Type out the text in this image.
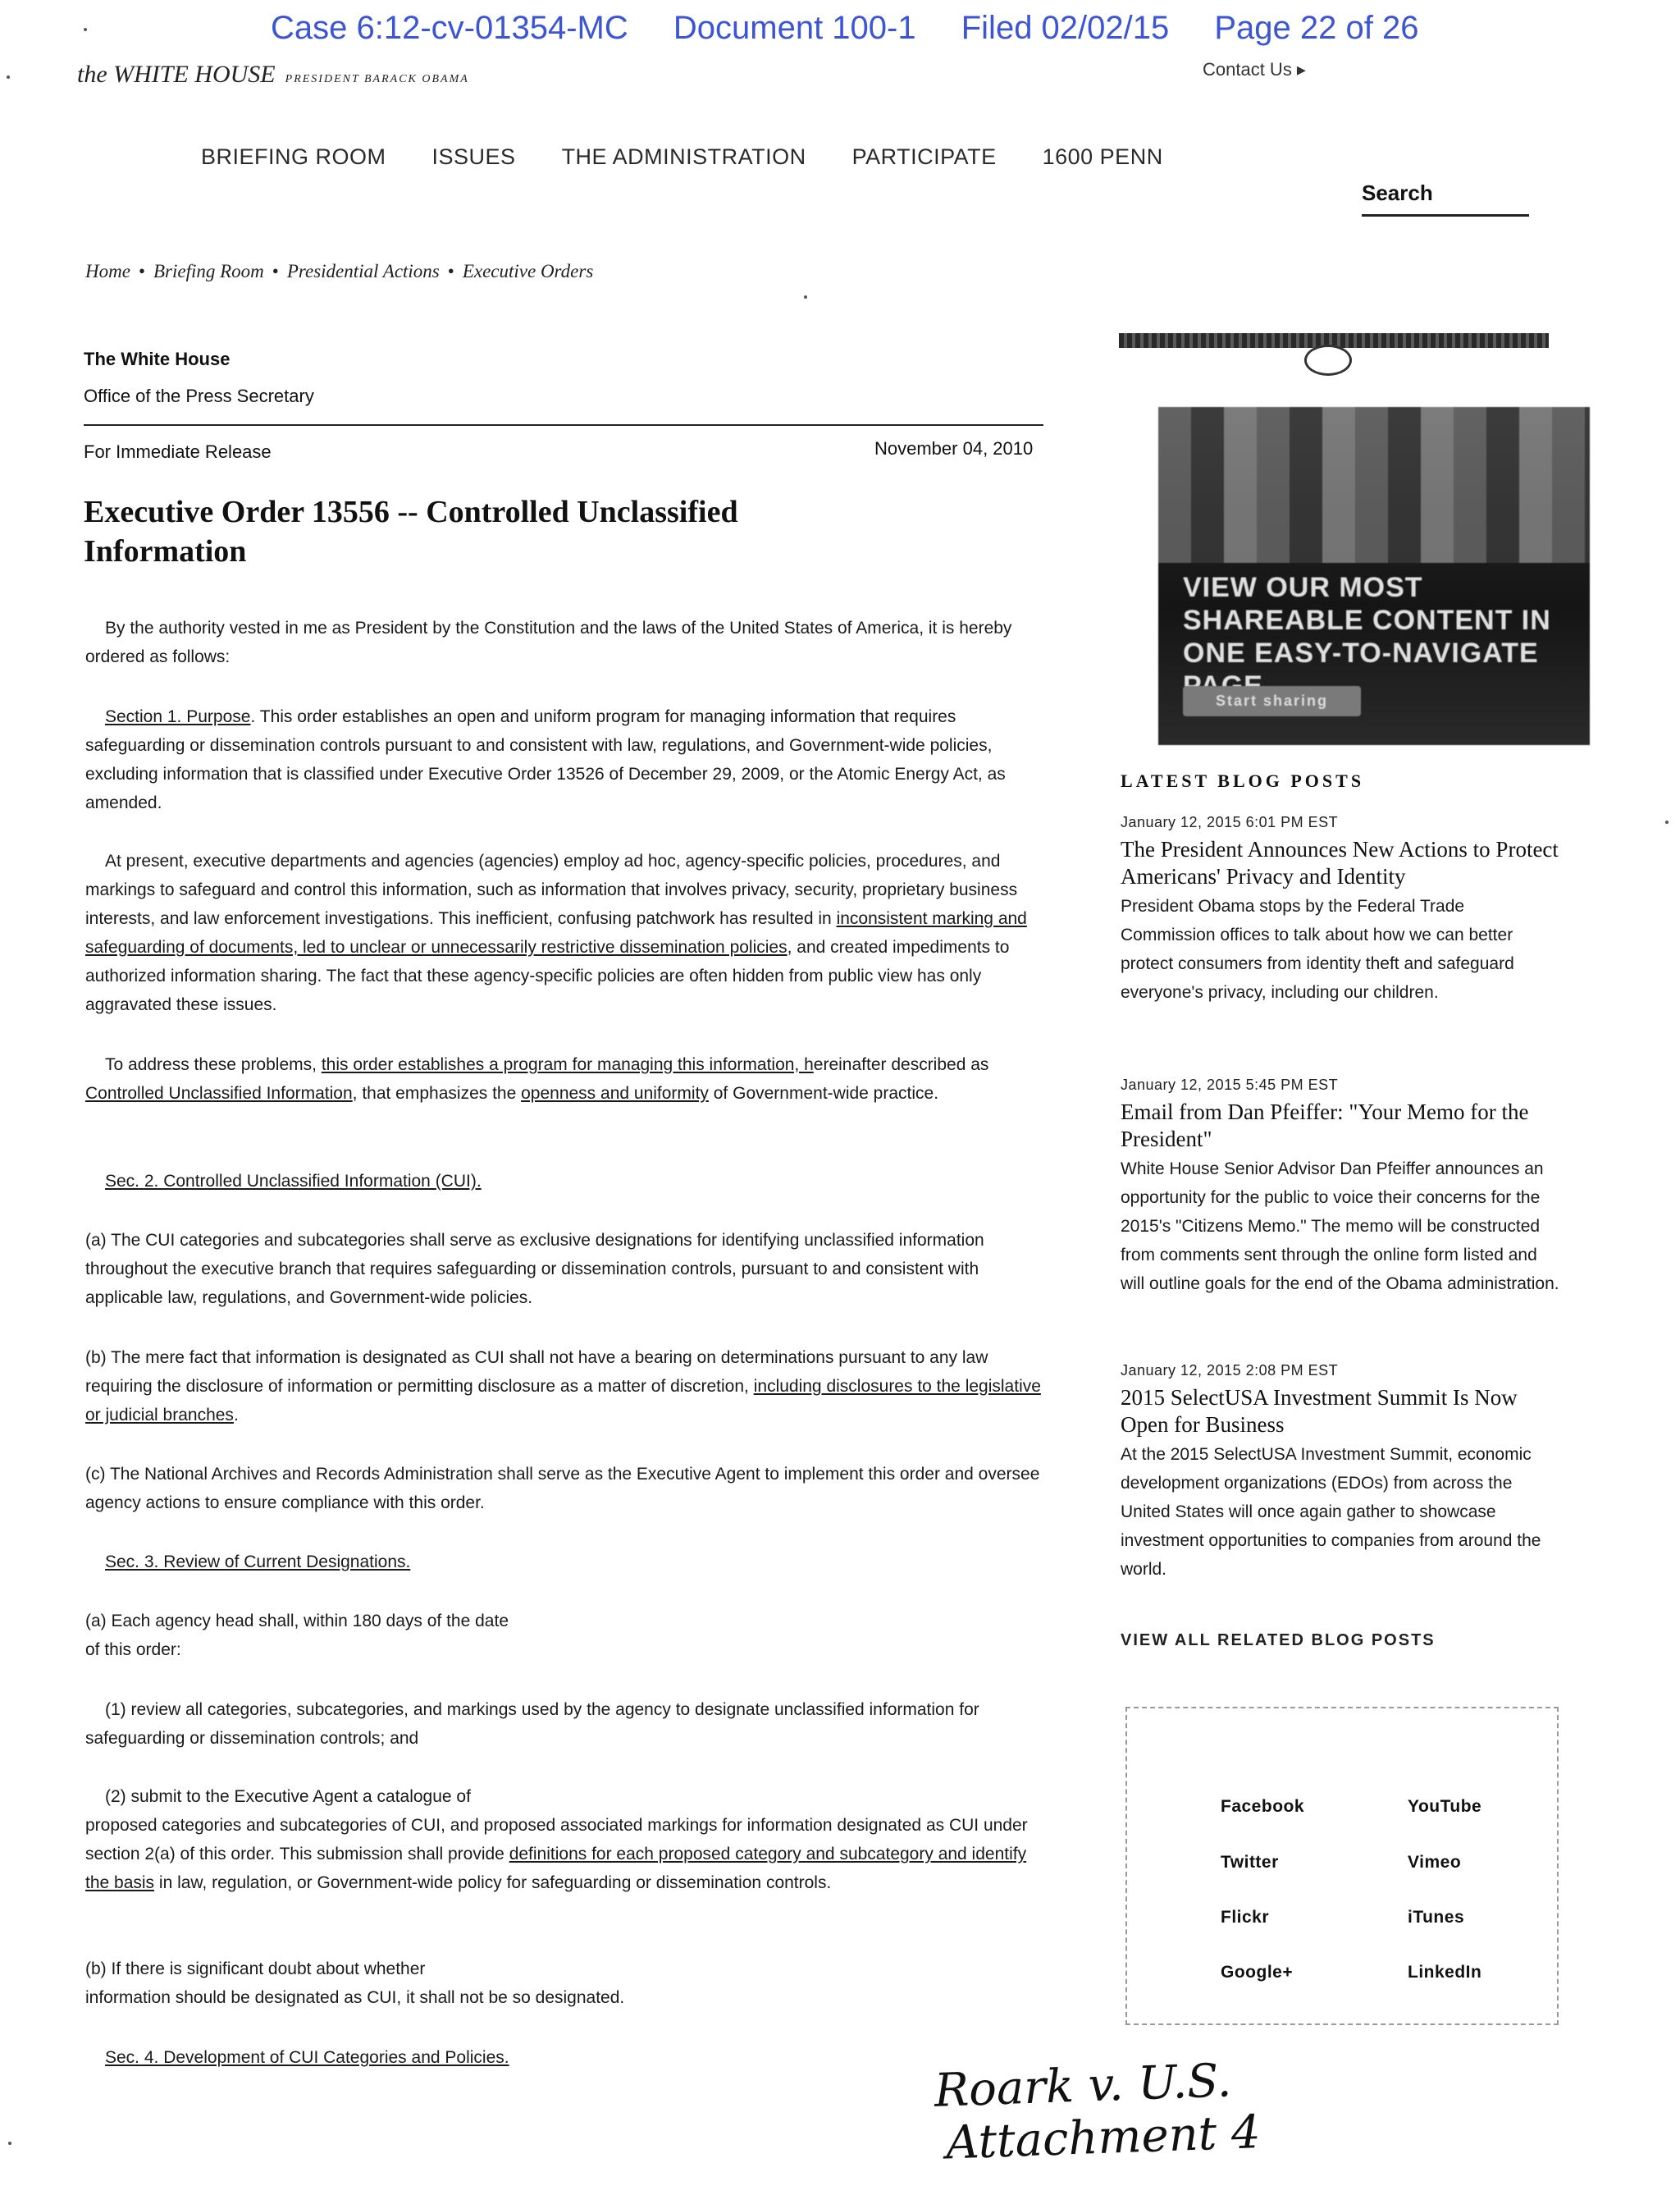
Case 6:12-cv-01354-MC Document 100-1 Filed 02/02/15 Page 22 of 26
the WHITE HOUSE PRESIDENT BARACK OBAMA	Contact Us ▸
BRIEFING ROOM ISSUES THE ADMINISTRATION PARTICIPATE 1600 PENN
Search
Home • Briefing Room • Presidential Actions • Executive Orders
The White House
Office of the Press Secretary
For Immediate Release	November 04, 2010
Executive Order 13556 -- Controlled Unclassified Information

By the authority vested in me as President by the Constitution and the laws of the United States of America, it is hereby ordered as follows:

Section 1. Purpose. This order establishes an open and uniform program for managing information that requires safeguarding or dissemination controls pursuant to and consistent with law, regulations, and Government-wide policies, excluding information that is classified under Executive Order 13526 of December 29, 2009, or the Atomic Energy Act, as amended.

At present, executive departments and agencies (agencies) employ ad hoc, agency-specific policies, procedures, and markings to safeguard and control this information, such as information that involves privacy, security, proprietary business interests, and law enforcement investigations. This inefficient, confusing patchwork has resulted in inconsistent marking and safeguarding of documents, led to unclear or unnecessarily restrictive dissemination policies, and created impediments to authorized information sharing. The fact that these agency-specific policies are often hidden from public view has only aggravated these issues.

To address these problems, this order establishes a program for managing this information, hereinafter described as Controlled Unclassified Information, that emphasizes the openness and uniformity of Government-wide practice.

Sec. 2. Controlled Unclassified Information (CUI).

(a) The CUI categories and subcategories shall serve as exclusive designations for identifying unclassified information throughout the executive branch that requires safeguarding or dissemination controls, pursuant to and consistent with applicable law, regulations, and Government-wide policies.

(b) The mere fact that information is designated as CUI shall not have a bearing on determinations pursuant to any law requiring the disclosure of information or permitting disclosure as a matter of discretion, including disclosures to the legislative or judicial branches.

(c) The National Archives and Records Administration shall serve as the Executive Agent to implement this order and oversee agency actions to ensure compliance with this order.

Sec. 3. Review of Current Designations.

(a) Each agency head shall, within 180 days of the date
of this order:

(1) review all categories, subcategories, and markings used by the agency to designate unclassified information for safeguarding or dissemination controls; and

(2) submit to the Executive Agent a catalogue of
proposed categories and subcategories of CUI, and proposed associated markings for information designated as CUI under section 2(a) of this order. This submission shall provide definitions for each proposed category and subcategory and identify the basis in law, regulation, or Government-wide policy for safeguarding or dissemination controls.

(b) If there is significant doubt about whether
information should be designated as CUI, it shall not be so designated.

Sec. 4. Development of CUI Categories and Policies.

VIEW OUR MOST SHAREABLE CONTENT IN ONE EASY-TO-NAVIGATE
Start sharing
LATEST BLOG POSTS
January 12, 2015 6:01 PM EST
The President Announces New Actions to Protect Americans' Privacy and Identity
President Obama stops by the Federal Trade Commission offices to talk about how we can better protect consumers from identity theft and safeguard everyone's privacy, including our children.
January 12, 2015 5:45 PM EST
Email from Dan Pfeiffer: "Your Memo for the President"
White House Senior Advisor Dan Pfeiffer announces an opportunity for the public to voice their concerns for the 2015's "Citizens Memo." The memo will be constructed from comments sent through the online form listed and will outline goals for the end of the Obama administration.
January 12, 2015 2:08 PM EST
2015 SelectUSA Investment Summit Is Now Open for Business
At the 2015 SelectUSA Investment Summit, economic development organizations (EDOs) from across the United States will once again gather to showcase investment opportunities to companies from around the world.
VIEW ALL RELATED BLOG POSTS
Facebook	YouTube
Twitter	Vimeo
Flickr	iTunes
Google+	LinkedIn
Roark v. U.S.
Attachment 4
